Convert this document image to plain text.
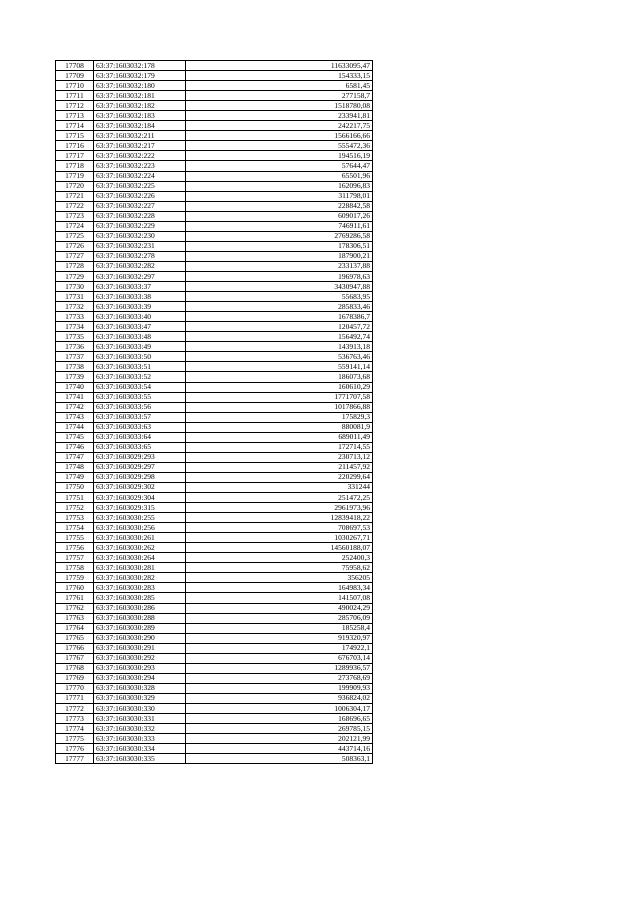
17708	63:37:1603032:178	11633095,47
17709	63:37:1603032:179	154333,15
17710	63:37:1603032:180	6581,45
17711	63:37:1603032:181	277158,7
17712	63:37:1603032:182	1518780,08
17713	63:37:1603032:183	233941,81
17714	63:37:1603032:184	242217,75
17715	63:37:1603032:211	1566166,66
17716	63:37:1603032:217	555472,36
17717	63:37:1603032:222	194516,19
17718	63:37:1603032:223	57644,47
17719	63:37:1603032:224	65501,96
17720	63:37:1603032:225	162096,83
17721	63:37:1603032:226	311798,01
17722	63:37:1603032:227	228842,58
17723	63:37:1603032:228	609017,26
17724	63:37:1603032:229	746911,61
17725	63:37:1603032:230	2769286,58
17726	63:37:1603032:231	178306,51
17727	63:37:1603032:278	187900,21
17728	63:37:1603032:282	233137,88
17729	63:37:1603032:297	196978,63
17730	63:37:1603033:37	3430947,88
17731	63:37:1603033:38	55683,95
17732	63:37:1603033:39	285833,46
17733	63:37:1603033:40	1678386,7
17734	63:37:1603033:47	120457,72
17735	63:37:1603033:48	156492,74
17736	63:37:1603033:49	143913,18
17737	63:37:1603033:50	536763,46
17738	63:37:1603033:51	559141,14
17739	63:37:1603033:52	186073,68
17740	63:37:1603033:54	160610,29
17741	63:37:1603033:55	1771707,58
17742	63:37:1603033:56	1017866,88
17743	63:37:1603033:57	175829,3
17744	63:37:1603033:63	880081,9
17745	63:37:1603033:64	689011,49
17746	63:37:1603033:65	172714,55
17747	63:37:1603029:293	230713,12
17748	63:37:1603029:297	211457,92
17749	63:37:1603029:298	220299,64
17750	63:37:1603029:302	331244
17751	63:37:1603029:304	251472,25
17752	63:37:1603029:315	2961973,96
17753	63:37:1603030:255	12839418,22
17754	63:37:1603030:256	708697,53
17755	63:37:1603030:261	1030267,71
17756	63:37:1603030:262	14560188,07
17757	63:37:1603030:264	252400,3
17758	63:37:1603030:281	75958,62
17759	63:37:1603030:282	356205
17760	63:37:1603030:283	164983,34
17761	63:37:1603030:285	141507,08
17762	63:37:1603030:286	490024,29
17763	63:37:1603030:288	285706,09
17764	63:37:1603030:289	185258,4
17765	63:37:1603030:290	919320,97
17766	63:37:1603030:291	174922,1
17767	63:37:1603030:292	676703,14
17768	63:37:1603030:293	1289936,57
17769	63:37:1603030:294	273768,69
17770	63:37:1603030:328	199909,93
17771	63:37:1603030:329	936824,02
17772	63:37:1603030:330	1006304,17
17773	63:37:1603030:331	168696,65
17774	63:37:1603030:332	269785,15
17775	63:37:1603030:333	202121,99
17776	63:37:1603030:334	443714,16
17777	63:37:1603030:335	508363,1
